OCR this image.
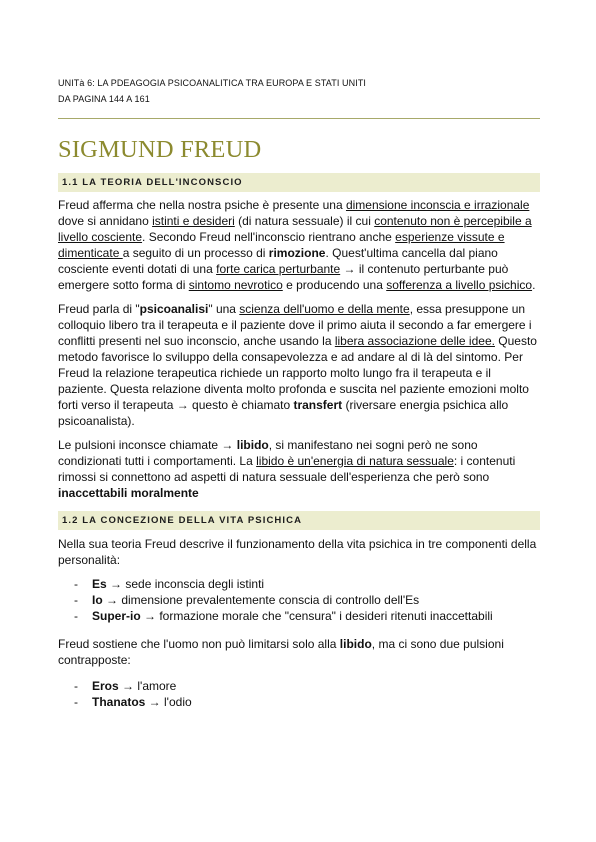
UNITà 6: LA PDEAGOGIA PSICOANALITICA TRA EUROPA E STATI UNITI
DA PAGINA 144 A 161
SIGMUND FREUD
1.1 LA TEORIA DELL'INCONSCIO
Freud afferma che nella nostra psiche è presente una dimensione inconscia e irrazionale dove si annidano istinti e desideri (di natura sessuale) il cui contenuto non è percepibile a livello cosciente. Secondo Freud nell'inconscio rientrano anche esperienze vissute e dimenticate a seguito di un processo di rimozione. Quest'ultima cancella dal piano cosciente eventi dotati di una forte carica perturbante → il contenuto perturbante può emergere sotto forma di sintomo nevrotico e producendo una sofferenza a livello psichico.
Freud parla di "psicoanalisi" una scienza dell'uomo e della mente, essa presuppone un colloquio libero tra il terapeuta e il paziente dove il primo aiuta il secondo a far emergere i conflitti presenti nel suo inconscio, anche usando la libera associazione delle idee. Questo metodo favorisce lo sviluppo della consapevolezza e ad andare al di là del sintomo. Per Freud la relazione terapeutica richiede un rapporto molto lungo fra il terapeuta e il paziente. Questa relazione diventa molto profonda e suscita nel paziente emozioni molto forti verso il terapeuta → questo è chiamato transfert (riversare energia psichica allo psicoanalista).
Le pulsioni inconsce chiamate → libido, si manifestano nei sogni però ne sono condizionati tutti i comportamenti. La libido è un'energia di natura sessuale: i contenuti rimossi si connettono ad aspetti di natura sessuale dell'esperienza che però sono inaccettabili moralmente
1.2 LA CONCEZIONE DELLA VITA PSICHICA
Nella sua teoria Freud descrive il funzionamento della vita psichica in tre componenti della personalità:
- Es → sede inconscia degli istinti
- Io → dimensione prevalentemente conscia di controllo dell'Es
- Super-io → formazione morale che "censura" i desideri ritenuti inaccettabili
Freud sostiene che l'uomo non può limitarsi solo alla libido, ma ci sono due pulsioni contrapposte:
- Eros → l'amore
- Thanatos → l'odio
